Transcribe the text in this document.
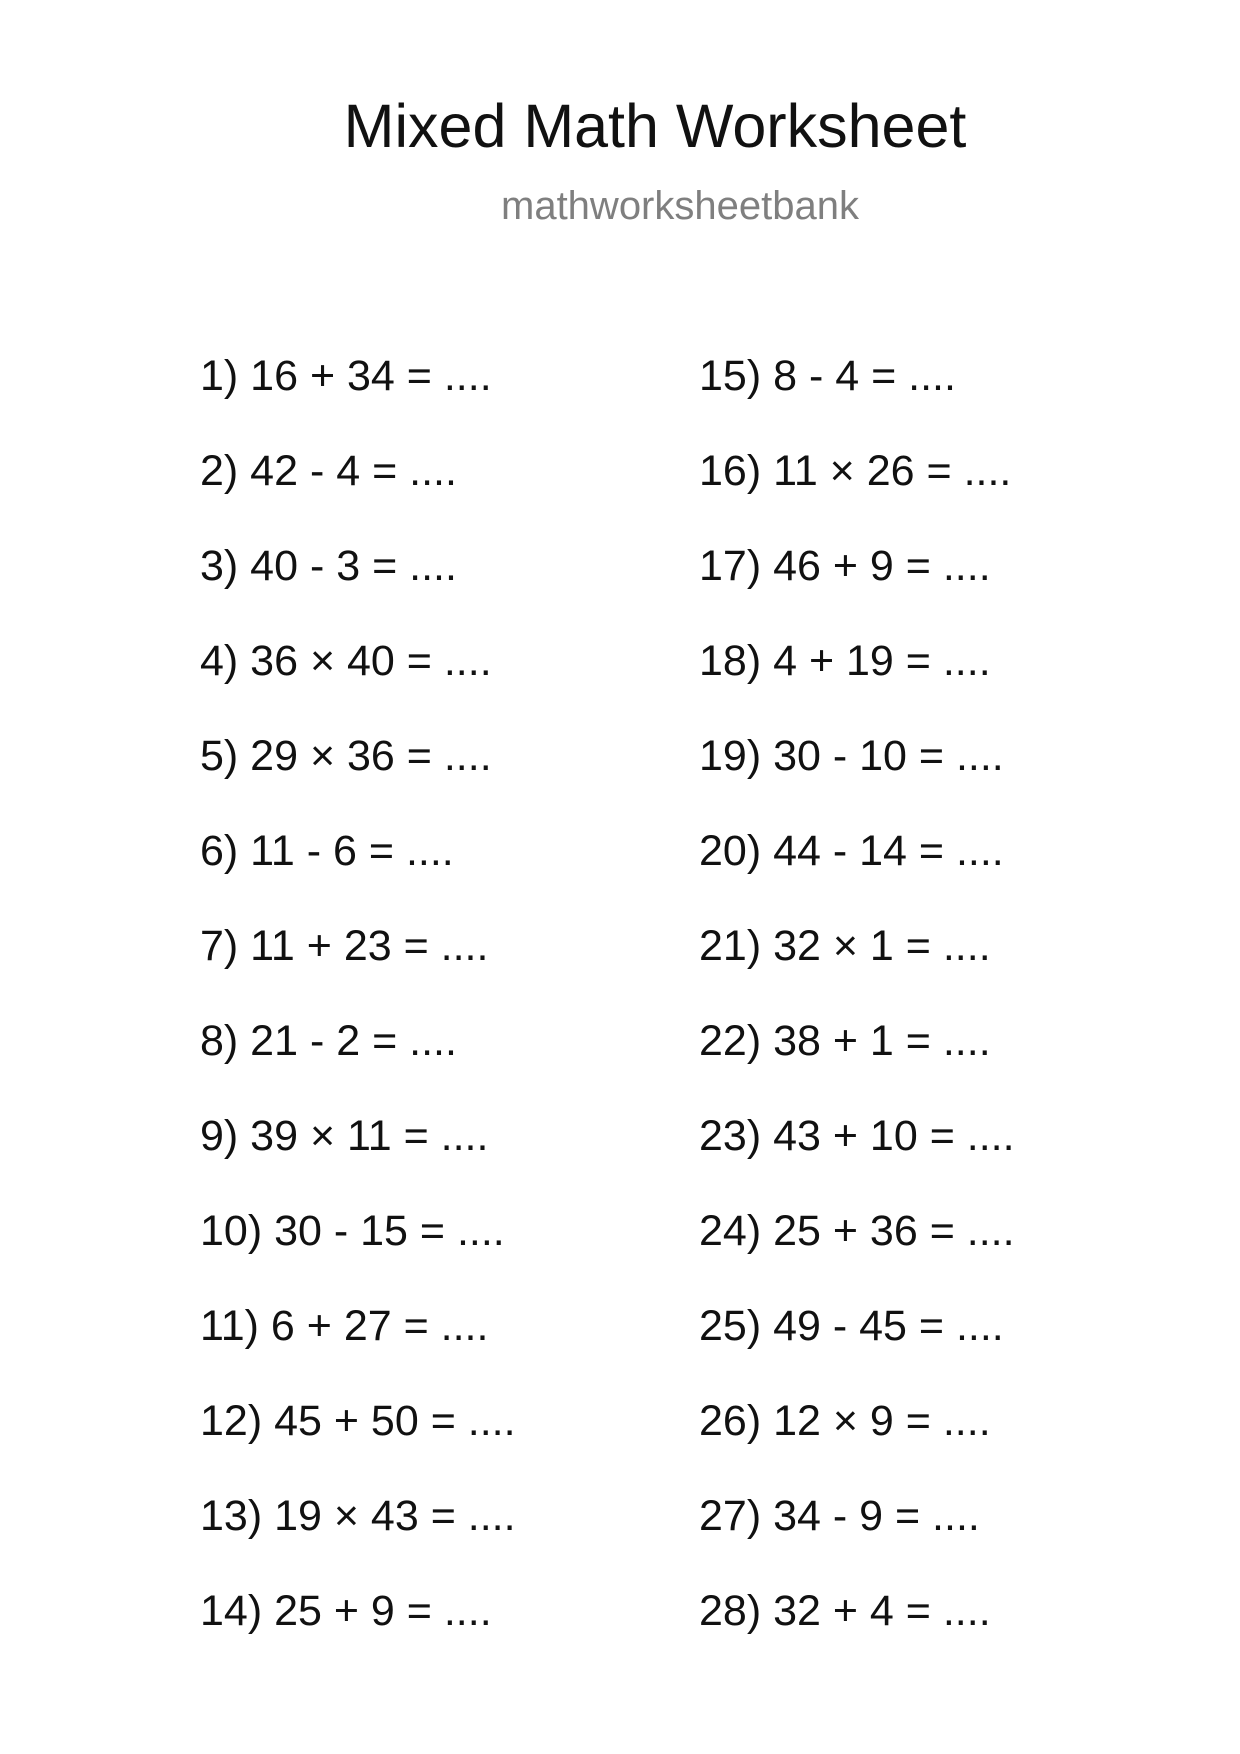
Mixed Math Worksheet
mathworksheetbank
1) 16 + 34 = ....
2) 42 - 4 = ....
3) 40 - 3 = ....
4) 36 × 40 = ....
5) 29 × 36 = ....
6) 11 - 6 = ....
7) 11 + 23 = ....
8) 21 - 2 = ....
9) 39 × 11 = ....
10) 30 - 15 = ....
11) 6 + 27 = ....
12) 45 + 50 = ....
13) 19 × 43 = ....
14) 25 + 9 = ....
15) 8 - 4 = ....
16) 11 × 26 = ....
17) 46 + 9 = ....
18) 4 + 19 = ....
19) 30 - 10 = ....
20) 44 - 14 = ....
21) 32 × 1 = ....
22) 38 + 1 = ....
23) 43 + 10 = ....
24) 25 + 36 = ....
25) 49 - 45 = ....
26) 12 × 9 = ....
27) 34 - 9 = ....
28) 32 + 4 = ....
